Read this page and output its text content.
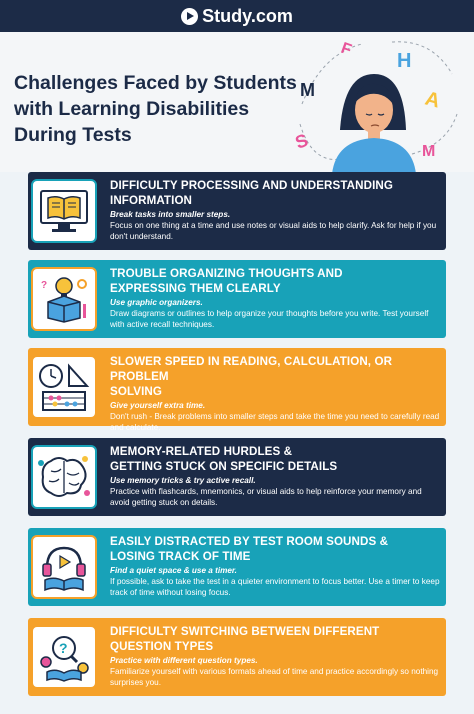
Study.com
Challenges Faced by Students
with Learning Disabilities
During Tests
F
H
M	A
S	M
DIFFICULTY PROCESSING AND UNDERSTANDING
INFORMATION
Break tasks into smaller steps.
Focus on one thing at a time and use notes or visual aids to help clarify. Ask for help if you don't understand.
?
TROUBLE ORGANIZING THOUGHTS AND
EXPRESSING THEM CLEARLY
Use graphic organizers.
Draw diagrams or outlines to help organize your thoughts before you write. Test yourself with active recall techniques.
SLOWER SPEED IN READING, CALCULATION, OR PROBLEM
SOLVING
Give yourself extra time.
Don't rush - Break problems into smaller steps and take the time you need to carefully read and calculate.
MEMORY-RELATED HURDLES &
GETTING STUCK ON SPECIFIC DETAILS
Use memory tricks & try active recall.
Practice with flashcards, mnemonics, or visual aids to help reinforce your memory and avoid getting stuck on details.
EASILY DISTRACTED BY TEST ROOM SOUNDS &
LOSING TRACK OF TIME
Find a quiet space & use a timer.
If possible, ask to take the test in a quieter environment to focus better. Use a timer to keep track of time without losing focus.
?
DIFFICULTY SWITCHING BETWEEN DIFFERENT
QUESTION TYPES
Practice with different question types.
Familiarize yourself with various formats ahead of time and practice accordingly so nothing surprises you.
